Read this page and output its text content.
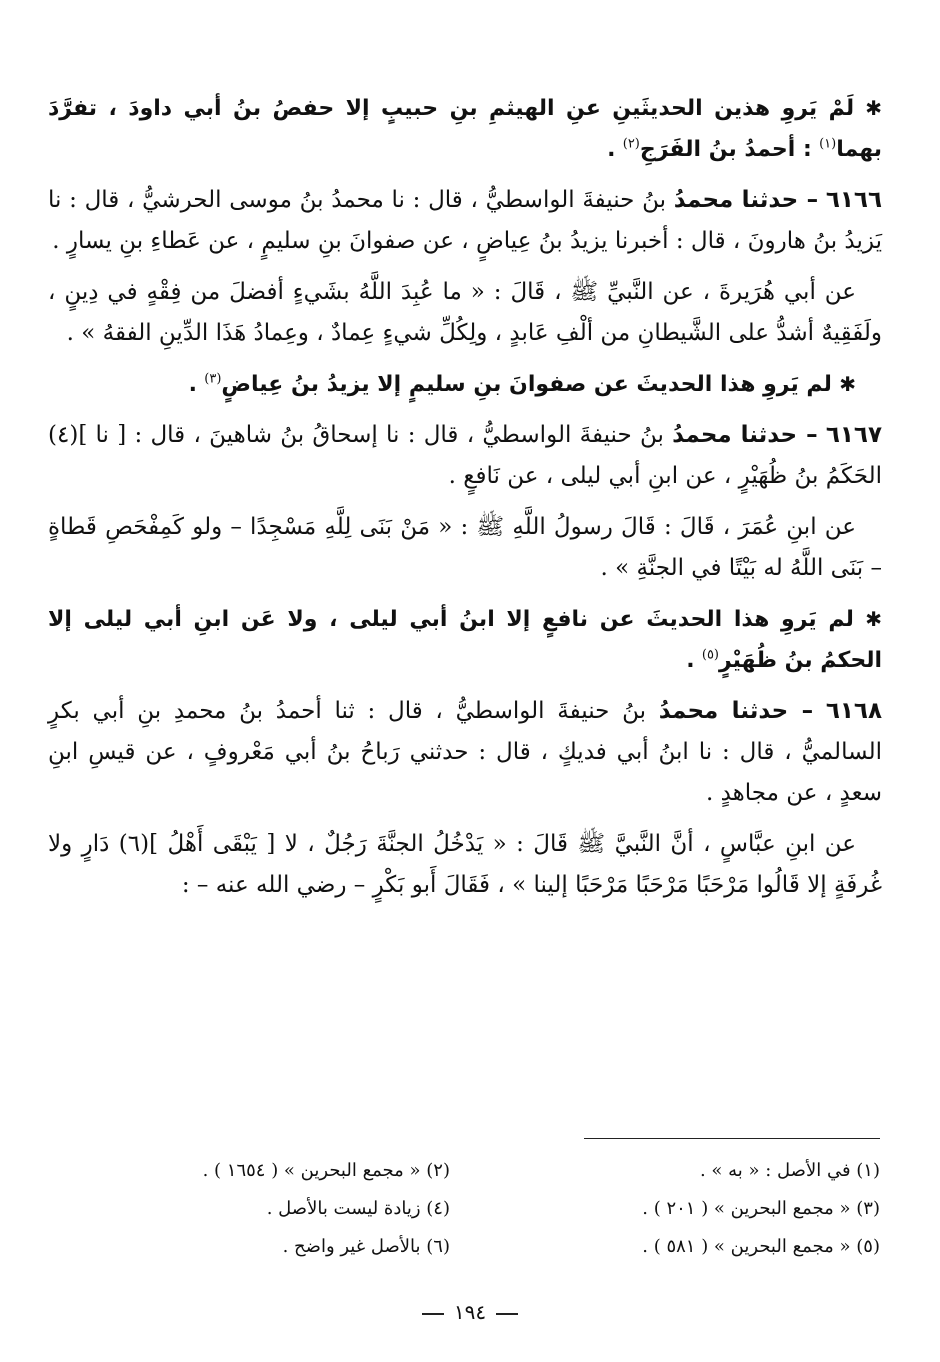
✱ لَمْ يَروِ هذين الحديثَينِ عنِ الهيثمِ بنِ حبيبٍ إلا حفصُ بنُ أبي داودَ ، تفرَّدَ بهما$^{(١)}$ : أحمدُ بنُ الفَرَجِ$^{(٢)}$ .

٦١٦٦ – حدثنا محمدُ بنُ حنيفةَ الواسطيُّ ، قال : نا محمدُ بنُ موسى الحرشيُّ ، قال : نا يَزيدُ بنُ هارونَ ، قال : أخبرنا يزيدُ بنُ عِياضٍ ، عن صفوانَ بنِ سليمٍ ، عن عَطاءِ بنِ يسارٍ .

عن أبي هُرَيرةَ ، عن النَّبيِّ ﷺ ، قَالَ : « ما عُبِدَ اللَّهُ بشَيءٍ أفضلَ من فِقْهٍ في دِينٍ ، ولَفَقِيهٌ أشدُّ على الشَّيطانِ من ألْفِ عَابدٍ ، ولِكُلِّ شيءٍ عِمادٌ ، وعِمادُ هَذَا الدِّينِ الفقهُ » .

✱ لم يَروِ هذا الحديثَ عن صفوانَ بنِ سليمٍ إلا يزيدُ بنُ عِياضٍ$^{(٣)}$ .

٦١٦٧ – حدثنا محمدُ بنُ حنيفةَ الواسطيُّ ، قال : نا إسحاقُ بنُ شاهينَ ، قال : [ نا ](٤) الحَكَمُ بنُ ظُهَيْرٍ ، عن ابنِ أبي ليلى ، عن نَافعٍ .

عن ابنِ عُمَرَ ، قَالَ : قَالَ رسولُ اللَّهِ ﷺ : « مَنْ بَنَى لِلَّهِ مَسْجِدًا – ولو كَمِفْحَصِ قَطاةٍ – بَنَى اللَّهُ له بَيْتًا في الجنَّةِ » .

✱ لم يَروِ هذا الحديثَ عن نافعٍ إلا ابنُ أبي ليلى ، ولا عَن ابنِ أبي ليلى إلا الحكمُ بنُ ظُهَيْرٍ$^{(٥)}$ .

٦١٦٨ – حدثنا محمدُ بنُ حنيفةَ الواسطيُّ ، قال : ثنا أحمدُ بنُ محمدِ بنِ أبي بكرٍ السالميُّ ، قال : نا ابنُ أبي فديكٍ ، قال : حدثني رَباحُ بنُ أبي مَعْروفٍ ، عن قيسِ ابنِ سعدٍ ، عن مجاهدٍ .

عن ابنِ عبَّاسٍ ، أنَّ النَّبيَّ ﷺ قَالَ : « يَدْخُلُ الجنَّةَ رَجُلٌ ، لا [ يَبْقَى أَهْلُ ](٦) دَارٍ ولا غُرفَةٍ إلا قَالُوا مَرْحَبًا مَرْحَبًا مَرْحَبًا إلينا » ، فَقَالَ أَبو بَكْرٍ – رضي الله عنه – :

(١) في الأصل : « به » .
(٢) « مجمع البحرين » ( ١٦٥٤ ) .
(٣) « مجمع البحرين » ( ٢٠١ ) .
(٤) زيادة ليست بالأصل .
(٥) « مجمع البحرين » ( ٥٨١ ) .
(٦) بالأصل غير واضح .
١٩٤
